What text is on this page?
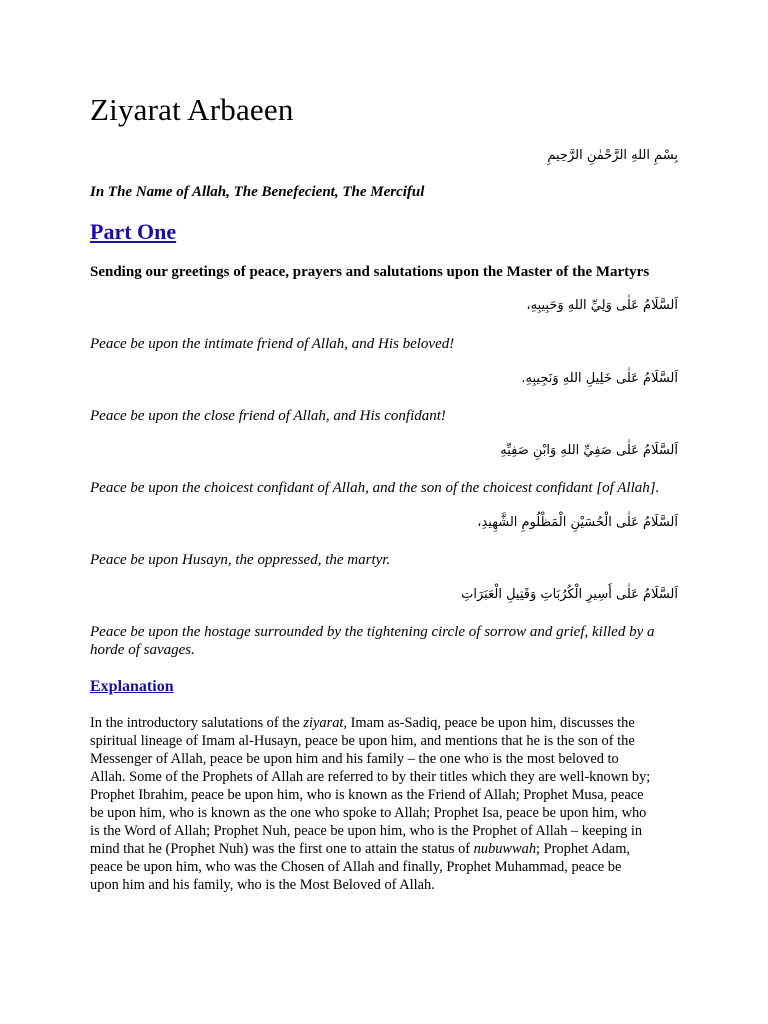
Ziyarat Arbaeen

بِسْمِ اللهِ الرَّحْمٰنِ الرَّحِيمِ

In The Name of Allah, The Benefecient, The Merciful

Part One

Sending our greetings of peace, prayers and salutations upon the Master of the Martyrs

اَلسَّلَامُ عَلٰى وَلِيِّ اللهِ وَحَبِيبِهِ،

Peace be upon the intimate friend of Allah, and His beloved!

اَلسَّلَامُ عَلٰى خَلِيلِ اللهِ وَنَجِيبِهِ.

Peace be upon the close friend of Allah, and His confidant!

اَلسَّلَامُ عَلٰى صَفِيِّ اللهِ وَابْنِ صَفِيِّهِ

Peace be upon the choicest confidant of Allah, and the son of the choicest confidant [of Allah].

اَلسَّلَامُ عَلٰى الْحُسَيْنِ الْمَظْلُومِ الشَّهِيدِ،

Peace be upon Husayn, the oppressed, the martyr.

اَلسَّلَامُ عَلٰى أَسِيرِ الْكُرُبَاتِ وَقَتِيلِ الْعَبَرَاتِ

Peace be upon the hostage surrounded by the tightening circle of sorrow and grief, killed by a

horde of savages.

Explanation
In the introductory salutations of the ziyarat, Imam as-Sadiq, peace be upon him, discusses the
spiritual lineage of Imam al-Husayn, peace be upon him, and mentions that he is the son of the
Messenger of Allah, peace be upon him and his family – the one who is the most beloved to
Allah. Some of the Prophets of Allah are referred to by their titles which they are well-known by;
Prophet Ibrahim, peace be upon him, who is known as the Friend of Allah; Prophet Musa, peace
be upon him, who is known as the one who spoke to Allah; Prophet Isa, peace be upon him, who
is the Word of Allah; Prophet Nuh, peace be upon him, who is the Prophet of Allah – keeping in
mind that he (Prophet Nuh) was the first one to attain the status of nubuwwah; Prophet Adam,
peace be upon him, who was the Chosen of Allah and finally, Prophet Muhammad, peace be
upon him and his family, who is the Most Beloved of Allah.
